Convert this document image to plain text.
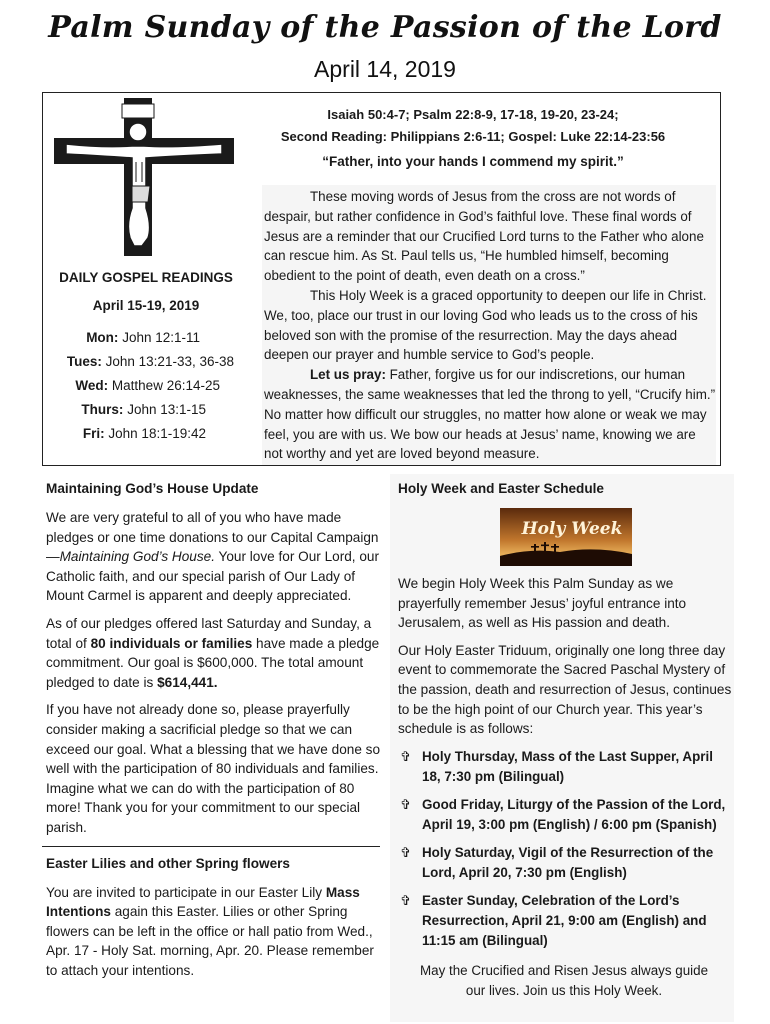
Palm Sunday of the Passion of the Lord
April 14, 2019
DAILY GOSPEL READINGS
April 15-19, 2019
Mon: John 12:1-11
Tues: John 13:21-33, 36-38
Wed: Matthew 26:14-25
Thurs: John 13:1-15
Fri: John 18:1-19:42
Isaiah 50:4-7; Psalm 22:8-9, 17-18, 19-20, 23-24;
Second Reading: Philippians 2:6-11; Gospel: Luke 22:14-23:56
“Father, into your hands I commend my spirit.”

These moving words of Jesus from the cross are not words of despair, but rather confidence in God’s faithful love. These final words of Jesus are a reminder that our Crucified Lord turns to the Father who alone can rescue him. As St. Paul tells us, “He humbled himself, becoming obedient to the point of death, even death on a cross.”

This Holy Week is a graced opportunity to deepen our life in Christ. We, too, place our trust in our loving God who leads us to the cross of his beloved son with the promise of the resurrection. May the days ahead deepen our prayer and humble service to God’s people.

Let us pray: Father, forgive us for our indiscretions, our human weaknesses, the same weaknesses that led the throng to yell, “Crucify him.” No matter how difficult our struggles, no matter how alone or weak we may feel, you are with us. We bow our heads at Jesus’ name, knowing we are not worthy and yet are loved beyond measure.

Maintaining God’s House Update

We are very grateful to all of you who have made pledges or one time donations to our Capital Campaign—Maintaining God’s House. Your love for Our Lord, our Catholic faith, and our special parish of Our Lady of Mount Carmel is apparent and deeply appreciated.

As of our pledges offered last Saturday and Sunday, a total of 80 individuals or families have made a pledge commitment. Our goal is $600,000. The total amount pledged to date is $614,441.

If you have not already done so, please prayerfully consider making a sacrificial pledge so that we can exceed our goal. What a blessing that we have done so well with the participation of 80 individuals and families. Imagine what we can do with the participation of 80 more! Thank you for your commitment to our special parish.

Easter Lilies and other Spring flowers

You are invited to participate in our Easter Lily Mass Intentions again this Easter. Lilies or other Spring flowers can be left in the office or hall patio from Wed., Apr. 17 - Holy Sat. morning, Apr. 20. Please remember to attach your intentions.

Holy Week and Easter Schedule
Holy Week

We begin Holy Week this Palm Sunday as we prayerfully remember Jesus’ joyful entrance into Jerusalem, as well as His passion and death.

Our Holy Easter Triduum, originally one long three day event to commemorate the Sacred Paschal Mystery of the passion, death and resurrection of Jesus, continues to be the high point of our Church year. This year’s schedule is as follows:

✞ Holy Thursday, Mass of the Last Supper, April 18, 7:30 pm (Bilingual)
✞ Good Friday, Liturgy of the Passion of the Lord, April 19, 3:00 pm (English) / 6:00 pm (Spanish)
✞ Holy Saturday, Vigil of the Resurrection of the Lord, April 20, 7:30 pm (English)
✞ Easter Sunday, Celebration of the Lord’s Resurrection, April 21, 9:00 am (English) and 11:15 am (Bilingual)
May the Crucified and Risen Jesus always guide our lives. Join us this Holy Week.
